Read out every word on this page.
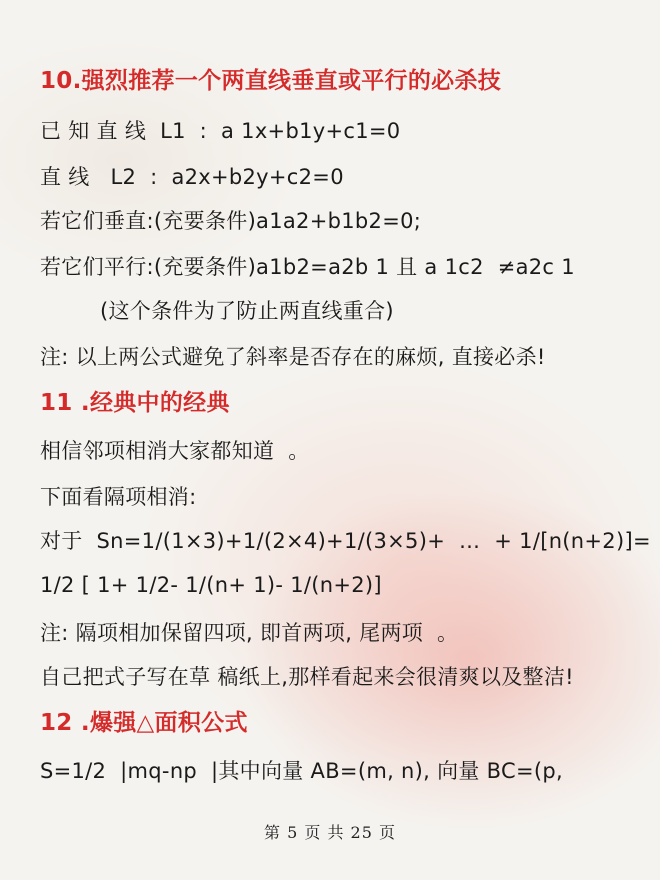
10.强烈推荐一个两直线垂直或平行的必杀技
已 知 直 线  L1  :  a 1x+b1y+c1=0
直 线   L2  :  a2x+b2y+c2=0
若它们垂直:(充要条件)a1a2+b1b2=0;
若它们平行:(充要条件)a1b2=a2b 1 且 a 1c2  ≠a2c 1
(这个条件为了防止两直线重合)
注: 以上两公式避免了斜率是否存在的麻烦, 直接必杀!
11 .经典中的经典
相信邻项相消大家都知道  。
下面看隔项相消:
对于  Sn=1/(1×3)+1/(2×4)+1/(3×5)+  …  + 1/[n(n+2)]=
1/2 [ 1+ 1/2- 1/(n+ 1)- 1/(n+2)]
注: 隔项相加保留四项, 即首两项, 尾两项  。
自己把式子写在草 稿纸上,那样看起来会很清爽以及整洁!
12 .爆强△面积公式
S=1/2  |mq-np  |其中向量 AB=(m, n), 向量 BC=(p,
第 5 页 共 25 页
